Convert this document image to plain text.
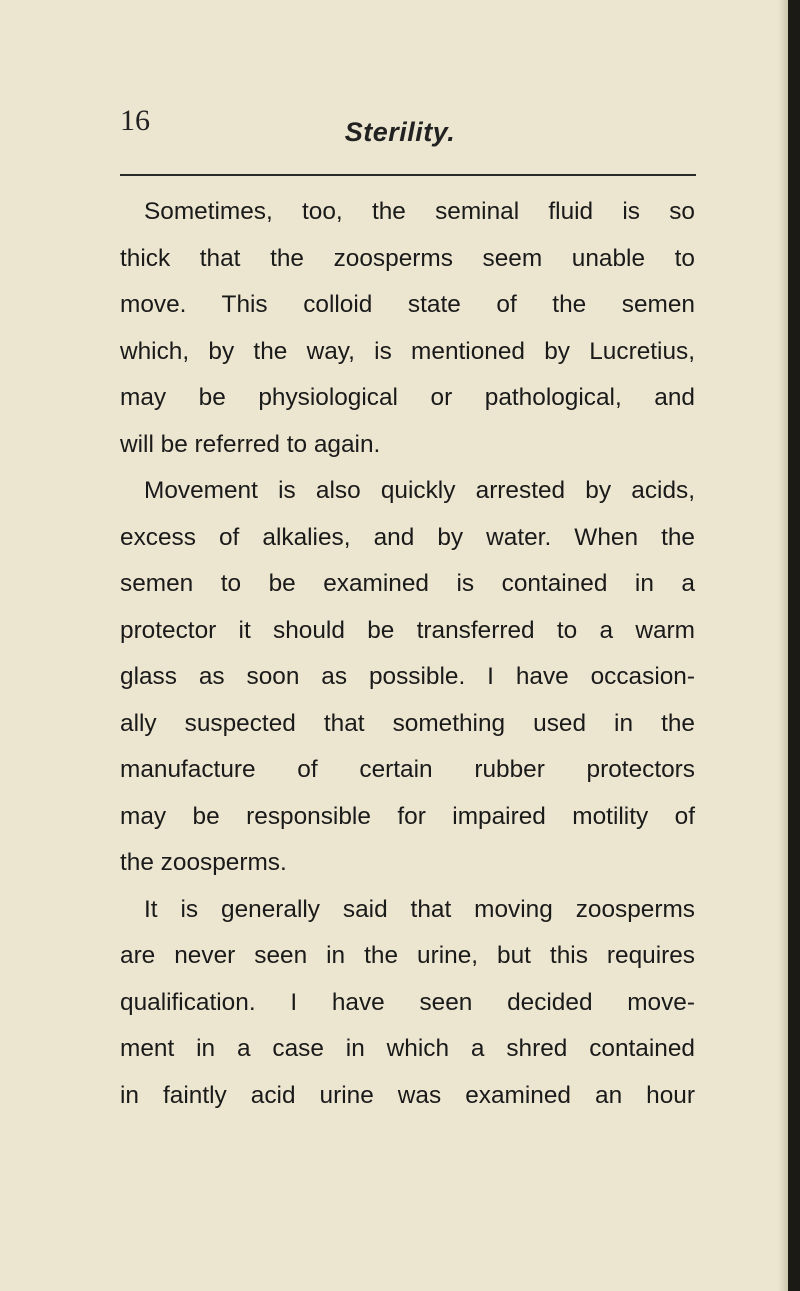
16	Sterility.
Sometimes, too, the seminal fluid is so
thick that the zoosperms seem unable to
move. This colloid state of the semen
which, by the way, is mentioned by Lucretius,
may be physiological or pathological, and
will be referred to again.
Movement is also quickly arrested by acids,
excess of alkalies, and by water. When the
semen to be examined is contained in a
protector it should be transferred to a warm
glass as soon as possible. I have occasion-
ally suspected that something used in the
manufacture of certain rubber protectors
may be responsible for impaired motility of
the zoosperms.
It is generally said that moving zoosperms
are never seen in the urine, but this requires
qualification. I have seen decided move-
ment in a case in which a shred contained
in faintly acid urine was examined an hour
